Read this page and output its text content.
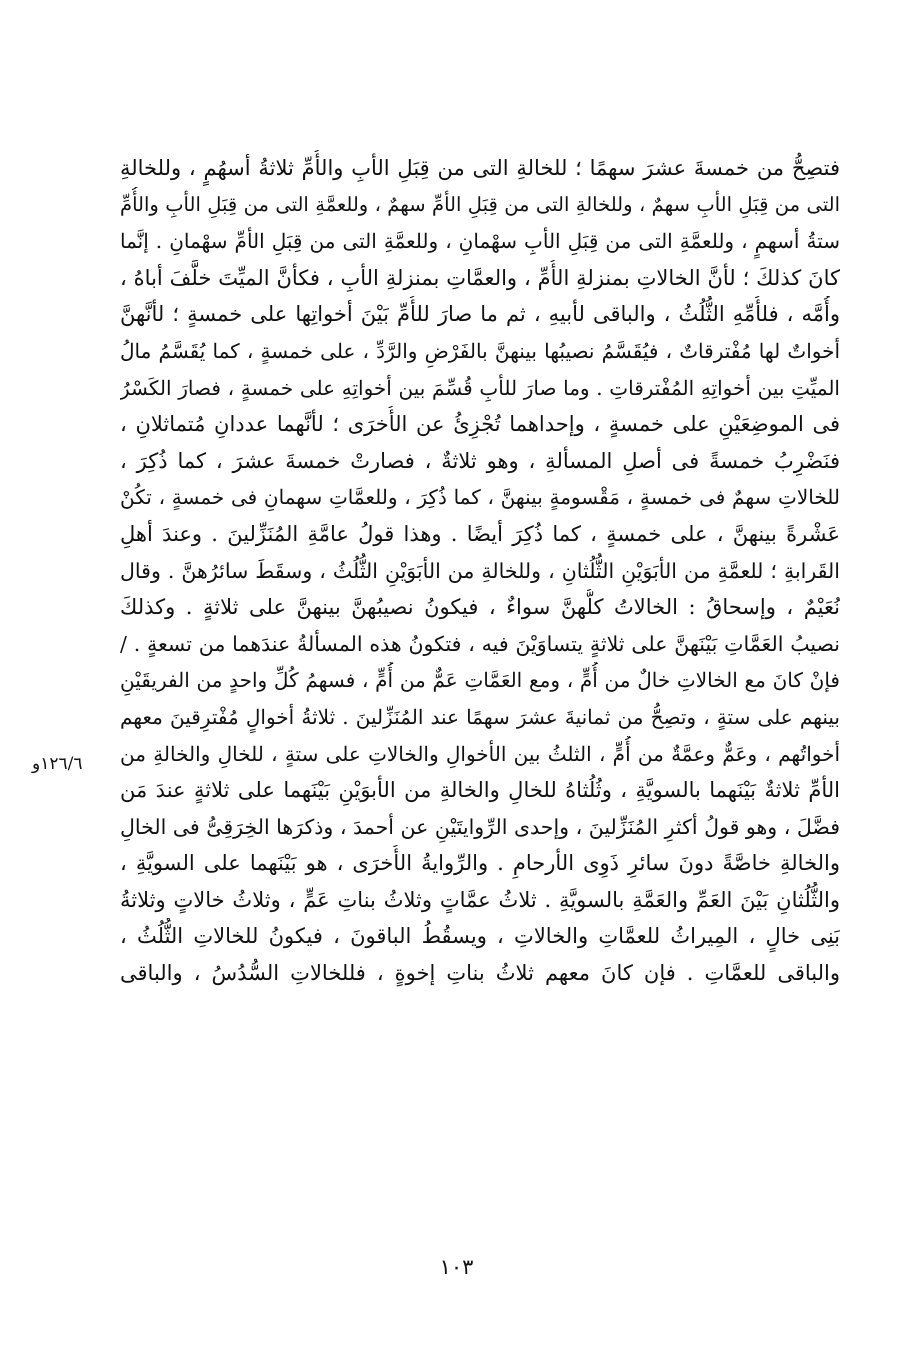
فتصِحُّ من خمسةَ عشرَ سهمًا ؛ للخالةِ التى من قِبَلِ الأبِ والأُمِّ ثلاثةُ أسهُمٍ ، وللخالةِ
التى من قِبَلِ الأبِ سهمٌ ، وللخالةِ التى من قِبَلِ الأمِّ سهمٌ ، وللعمَّةِ التى من قِبَلِ الأبِ والأُمِّ
ستةُ أسهمٍ ، وللعمَّةِ التى من قِبَلِ الأبِ سهْمانِ ، وللعمَّةِ التى من قِبَلِ الأمِّ سهْمانِ . إنَّما
كانَ كذلكَ ؛ لأنَّ الخالاتِ بمنزلةِ الأُمِّ ، والعمَّاتِ بمنزلةِ الأبِ ، فكأنَّ الميِّتَ خلَّفَ أباهُ ،
وأُمَّه ، فلأُمِّهِ الثُّلُثُ ، والباقى لأبيهِ ، ثم ما صارَ للأُمِّ بَيْنَ أخواتِها على خمسةٍ ؛ لأنَّهنَّ
أخواتٌ لها مُفْترقاتٌ ، فيُقَسَّمُ نصيبُها بينهنَّ بالفَرْضِ والرَّدِّ ، على خمسةٍ ، كما يُقَسَّمُ مالُ
الميِّتِ بين أخواتِهِ المُفْترقاتِ . وما صارَ للأبِ قُسِّمَ بين أخواتِهِ على خمسةٍ ، فصارَ الكَسْرُ
فى الموضِعَيْنِ على خمسةٍ ، وإحداهما تُجْزِئُ عن الأُخرَى ؛ لأنَّهما عددانِ مُتماثلانِ ،
فنَضْرِبُ خمسةً فى أصلِ المسألةِ ، وهو ثلاثةٌ ، فصارتْ خمسةَ عشرَ ، كما ذُكِرَ ،
للخالاتِ سهمٌ فى خمسةٍ ، مَقْسومةٍ بينهنَّ ، كما ذُكِرَ ، وللعمَّاتِ سهمانِ فى خمسةٍ ، تكُنْ
عَشْرةً بينهنَّ ، على خمسةٍ ، كما ذُكِرَ أيضًا . وهذا قولُ عامَّةِ المُنَزِّلينَ . وعندَ أهلِ
القَرابةِ ؛ للعمَّةِ من الأبَوَيْنِ الثُّلُثانِ ، وللخالةِ من الأبَوَيْنِ الثُّلُثُ ، وسقَطَ سائرُهنَّ . وقال
نُعَيْمٌ ، وإسحاقُ : الخالاتُ كلُّهنَّ سواءٌ ، فيكونُ نصيبُهنَّ بينهنَّ على ثلاثةٍ . وكذلكَ
نصيبُ العَمَّاتِ بَيْنَهنَّ على ثلاثةٍ يتساوَيْنَ فيه ، فتكونُ هذه المسألةُ عندَهما من تسعةٍ . /
فإنْ كانَ مع الخالاتِ خالٌ من أُمٍّ ، ومع العَمَّاتِ عَمٌّ من أُمٍّ ، فسهمُ كُلِّ واحدٍ من الفريقَيْنِ
بينهم على ستةٍ ، وتصِحُّ من ثمانيةَ عشرَ سهمًا عند المُنَزِّلينَ . ثلاثةُ أخوالٍ مُفْترِقينَ معهم
أخواتُهم ، وعَمٌّ وعمَّةٌ من أُمٍّ ، الثلثُ بين الأخوالِ والخالاتِ على ستةٍ ، للخالِ والخالةِ من
الأمِّ ثلاثةٌ بَيْنَهما بالسويَّةِ ، وثُلُثاهُ للخالِ والخالةِ من الأبوَيْنِ بَيْنَهما على ثلاثةٍ عندَ مَن
فضَّلَ ، وهو قولُ أكثرِ المُنَزِّلينَ ، وإحدى الرِّوايتَيْنِ عن أحمدَ ، وذكرَها الخِرَقِىُّ فى الخالِ
والخالةِ خاصَّةً دونَ سائرِ ذَوِى الأرحامِ . والرِّوايةُ الأُخرَى ، هو بَيْنَهما على السويَّةِ ،
والثُّلُثانِ بَيْنَ العَمِّ والعَمَّةِ بالسويَّةِ . ثلاثُ عمَّاتٍ وثلاثُ بناتِ عَمٍّ ، وثلاثُ خالاتٍ وثلاثةُ
بَنِى خالٍ ، المِيراثُ للعمَّاتِ والخالاتِ ، ويسقُطُ الباقونَ ، فيكونُ للخالاتِ الثُّلُثُ ،
والباقى للعمَّاتِ . فإن كانَ معهم ثلاثُ بناتِ إخوةٍ ، فللخالاتِ السُّدُسُ ، والباقى
١٢٦/٦و
١٠٣
